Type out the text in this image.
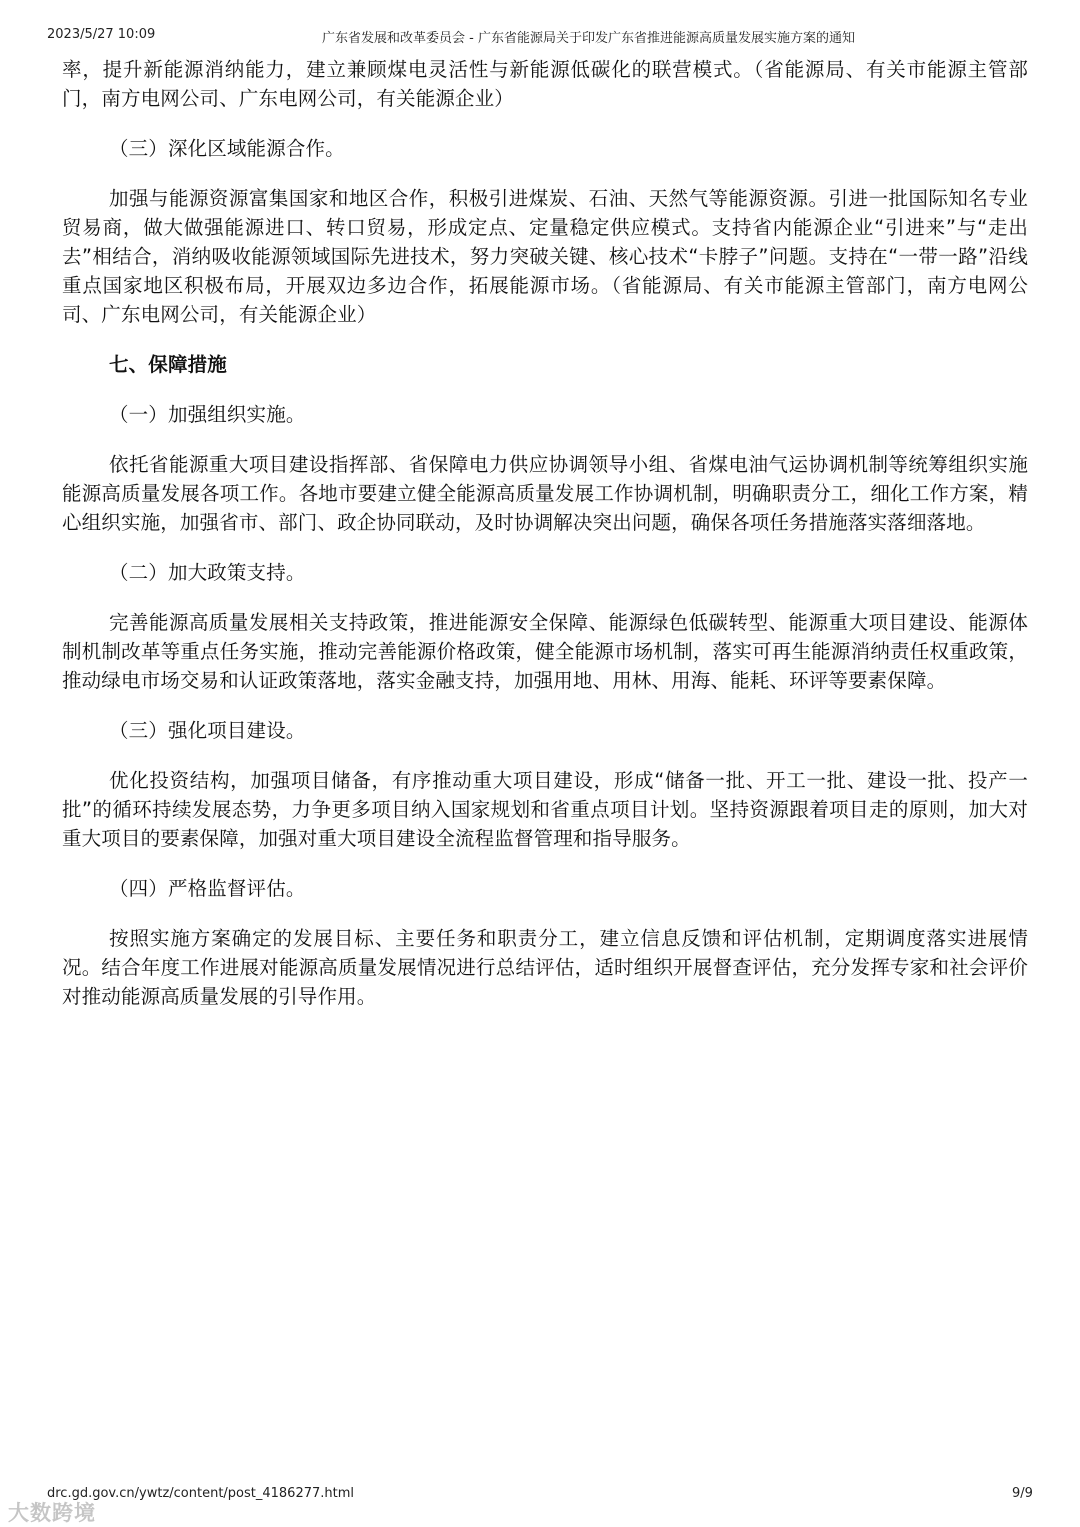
2023/5/27 10:09	广东省发展和改革委员会 - 广东省能源局关于印发广东省推进能源高质量发展实施方案的通知

率，提升新能源消纳能力，建立兼顾煤电灵活性与新能源低碳化的联营模式。（省能源局、有关市能源主管部门，南方电网公司、广东电网公司，有关能源企业）

（三）深化区域能源合作。

加强与能源资源富集国家和地区合作，积极引进煤炭、石油、天然气等能源资源。引进一批国际知名专业贸易商，做大做强能源进口、转口贸易，形成定点、定量稳定供应模式。支持省内能源企业“引进来”与“走出去”相结合，消纳吸收能源领域国际先进技术，努力突破关键、核心技术“卡脖子”问题。支持在“一带一路”沿线重点国家地区积极布局，开展双边多边合作，拓展能源市场。（省能源局、有关市能源主管部门，南方电网公司、广东电网公司，有关能源企业）

七、保障措施

（一）加强组织实施。

依托省能源重大项目建设指挥部、省保障电力供应协调领导小组、省煤电油气运协调机制等统筹组织实施能源高质量发展各项工作。各地市要建立健全能源高质量发展工作协调机制，明确职责分工，细化工作方案，精心组织实施，加强省市、部门、政企协同联动，及时协调解决突出问题，确保各项任务措施落实落细落地。

（二）加大政策支持。

完善能源高质量发展相关支持政策，推进能源安全保障、能源绿色低碳转型、能源重大项目建设、能源体制机制改革等重点任务实施，推动完善能源价格政策，健全能源市场机制，落实可再生能源消纳责任权重政策，推动绿电市场交易和认证政策落地，落实金融支持，加强用地、用林、用海、能耗、环评等要素保障。

（三）强化项目建设。

优化投资结构，加强项目储备，有序推动重大项目建设，形成“储备一批、开工一批、建设一批、投产一批”的循环持续发展态势，力争更多项目纳入国家规划和省重点项目计划。坚持资源跟着项目走的原则，加大对重大项目的要素保障，加强对重大项目建设全流程监督管理和指导服务。

（四）严格监督评估。

按照实施方案确定的发展目标、主要任务和职责分工，建立信息反馈和评估机制，定期调度落实进展情况。结合年度工作进展对能源高质量发展情况进行总结评估，适时组织开展督查评估，充分发挥专家和社会评价对推动能源高质量发展的引导作用。

drc.gd.gov.cn/ywtz/content/post_4186277.html	9/9
大数跨境
